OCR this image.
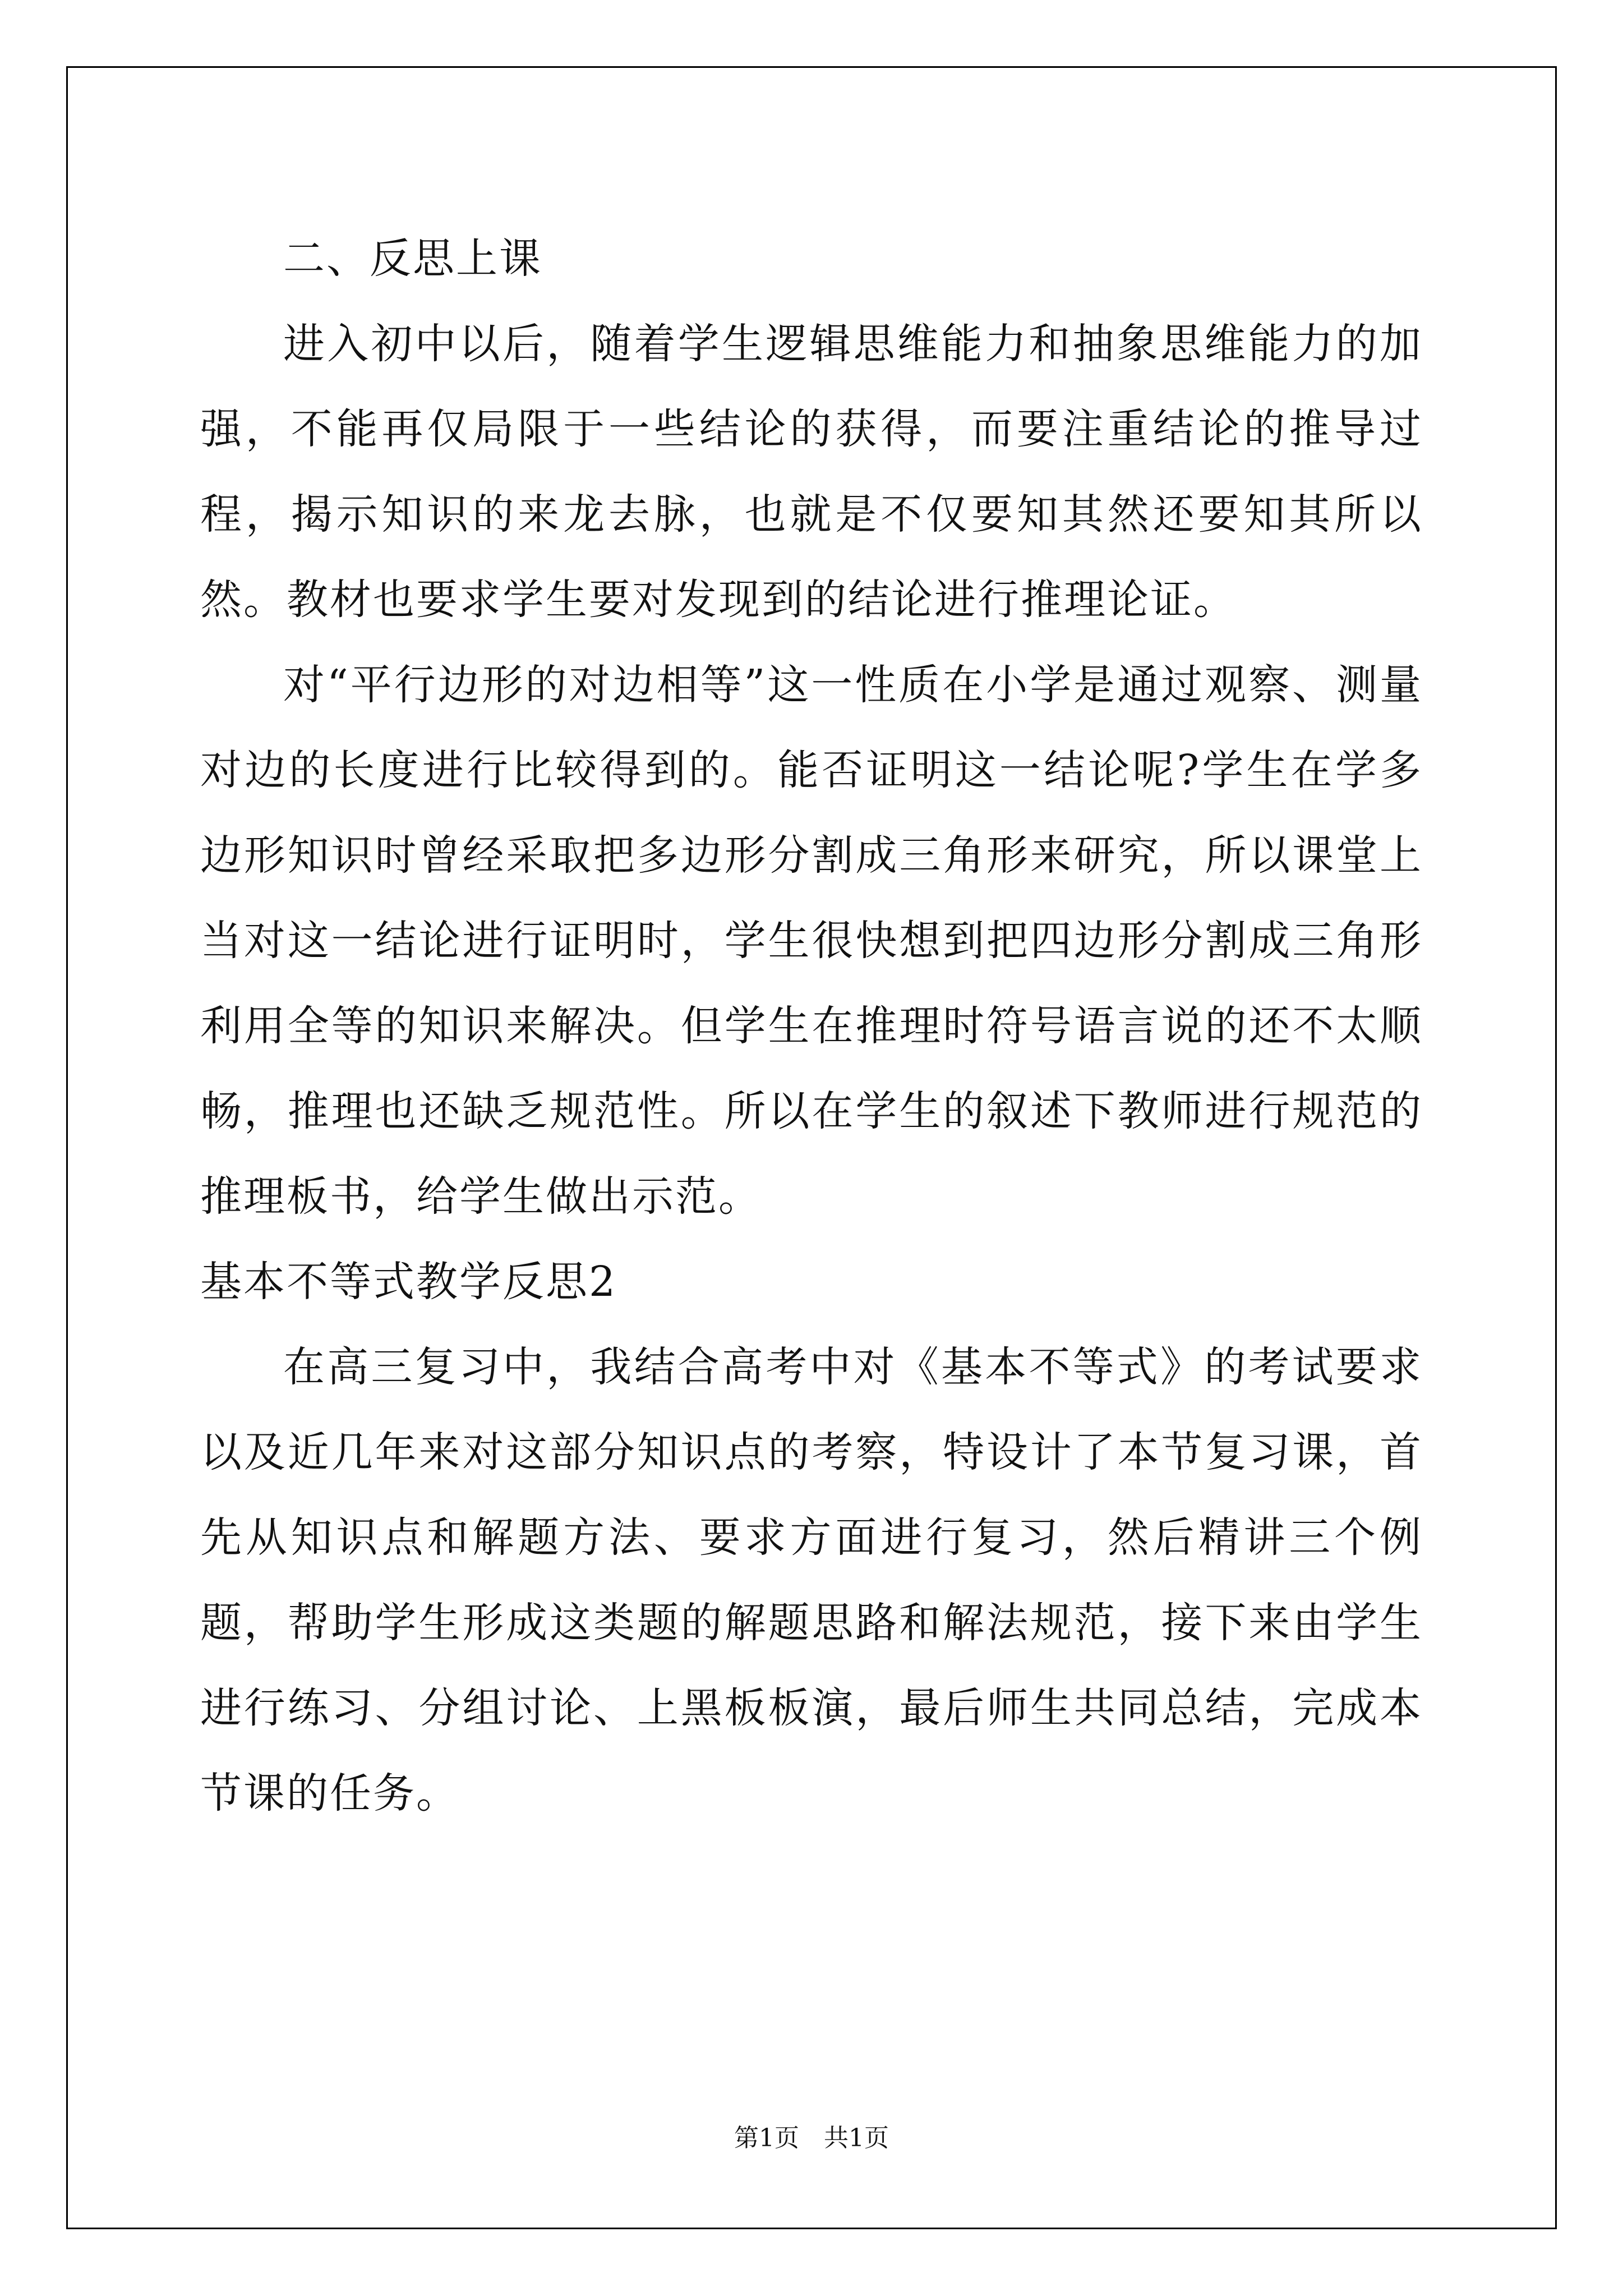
二、反思上课

进入初中以后，随着学生逻辑思维能力和抽象思维能力的加强，不能再仅局限于一些结论的获得，而要注重结论的推导过程，揭示知识的来龙去脉，也就是不仅要知其然还要知其所以然。教材也要求学生要对发现到的结论进行推理论证。

对“平行边形的对边相等”这一性质在小学是通过观察、测量对边的长度进行比较得到的。能否证明这一结论呢?学生在学多边形知识时曾经采取把多边形分割成三角形来研究，所以课堂上当对这一结论进行证明时，学生很快想到把四边形分割成三角形利用全等的知识来解决。但学生在推理时符号语言说的还不太顺畅，推理也还缺乏规范性。所以在学生的叙述下教师进行规范的推理板书，给学生做出示范。

基本不等式教学反思2

在高三复习中，我结合高考中对《基本不等式》的考试要求以及近几年来对这部分知识点的考察，特设计了本节复习课，首先从知识点和解题方法、要求方面进行复习，然后精讲三个例题，帮助学生形成这类题的解题思路和解法规范，接下来由学生进行练习、分组讨论、上黑板板演，最后师生共同总结，完成本节课的任务。

第1页 共1页
